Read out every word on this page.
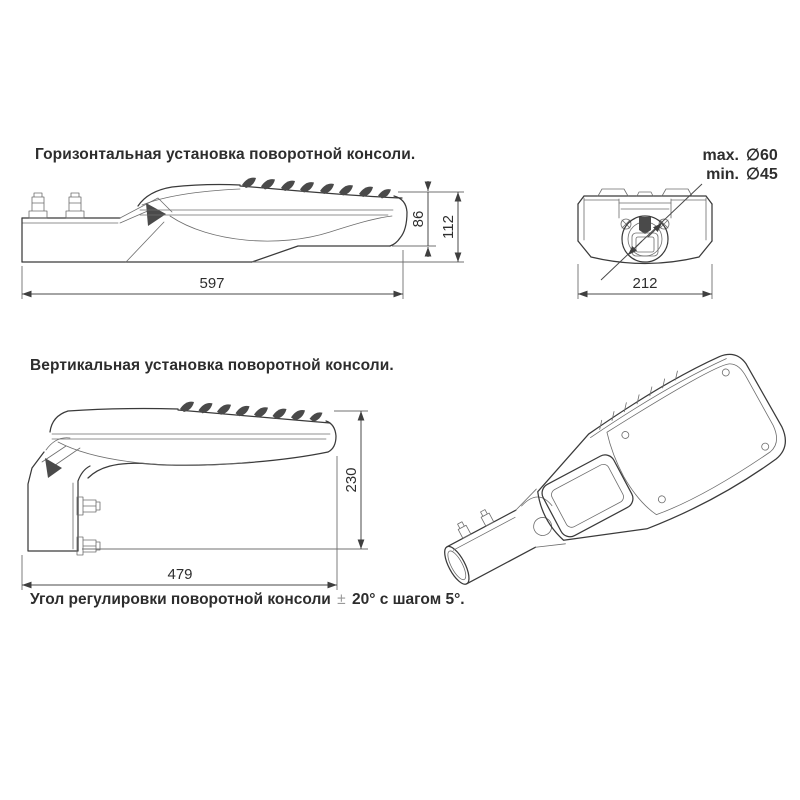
Горизонтальная установка поворотной консоли.
Вертикальная установка поворотной консоли.
Угол регулировки поворотной консоли ± 20° с шагом 5°.
597
86 112
212
max. ∅60
min. ∅45
230
479
